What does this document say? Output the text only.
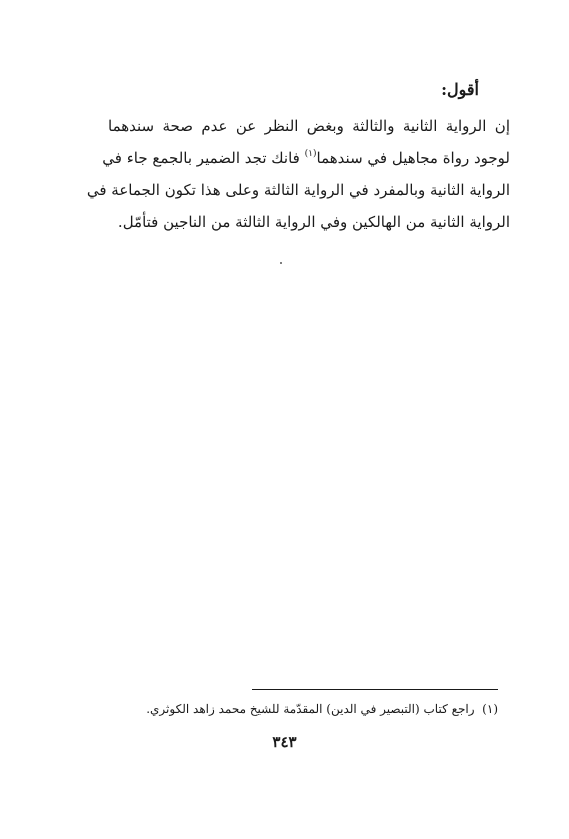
أقول:
إن الرواية الثانية والثالثة وبغض النظر عن عدم صحة سندهما
لوجود رواة مجاهيل في سندهما$^{(١)}$ فانك تجد الضمير بالجمع جاء في
الرواية الثانية وبالمفرد في الرواية الثالثة وعلى هذا تكون الجماعة في
الرواية الثانية من الهالكين وفي الرواية الثالثة من الناجين فتأمّل.
(١)  راجع كتاب (التبصير في الدين) المقدّمة للشيخ محمد زاهد الكوثري.
٣٤٣
